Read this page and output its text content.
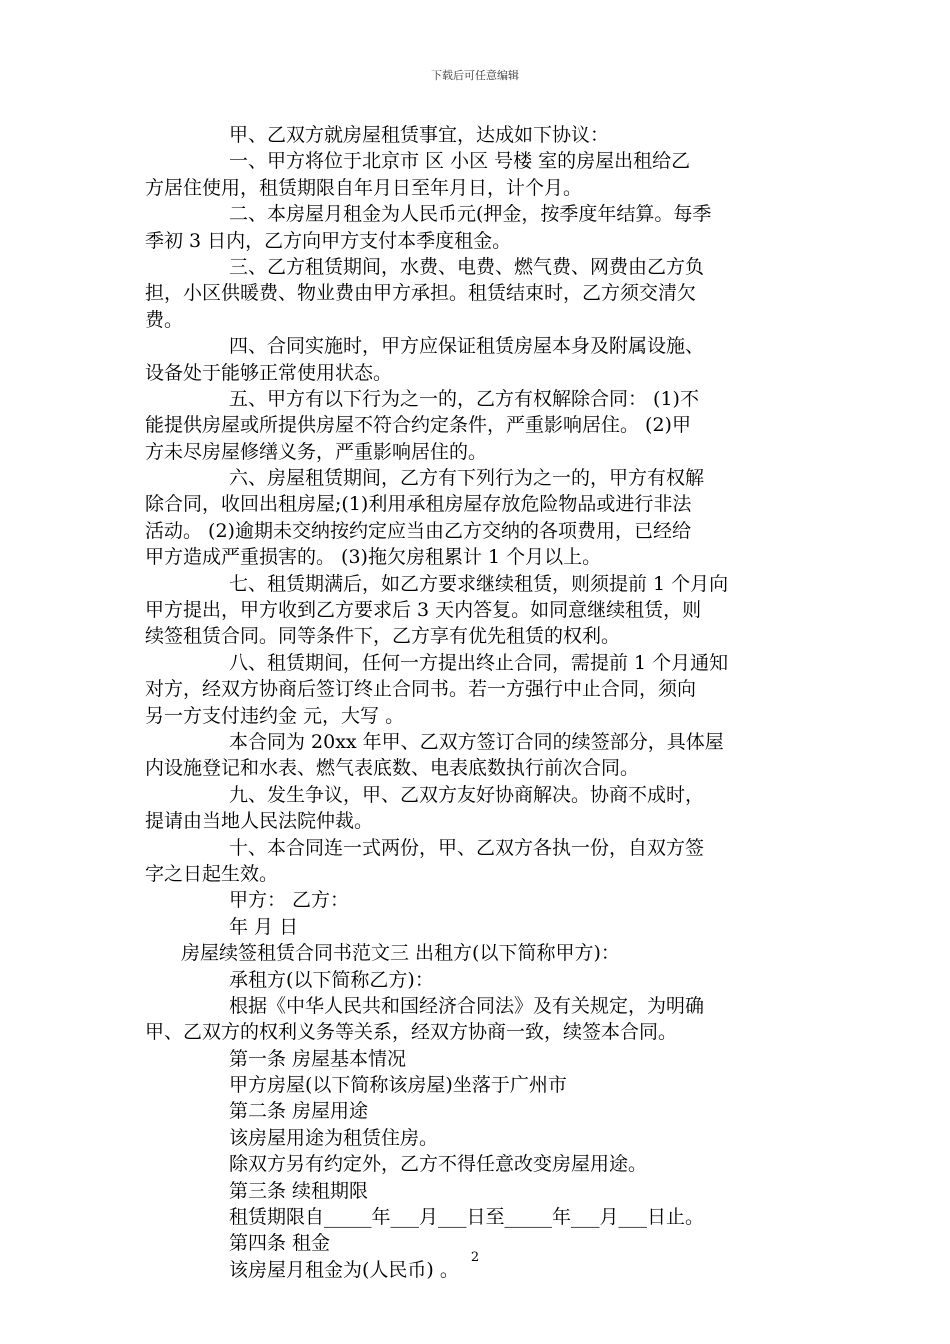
下载后可任意编辑
甲、乙双方就房屋租赁事宜，达成如下协议：
一、甲方将位于北京市 区 小区 号楼 室的房屋出租给乙
方居住使用，租赁期限自年月日至年月日，计个月。
二、本房屋月租金为人民币元(押金，按季度年结算。每季
季初 3 日内，乙方向甲方支付本季度租金。
三、乙方租赁期间，水费、电费、燃气费、网费由乙方负
担，小区供暖费、物业费由甲方承担。租赁结束时，乙方须交清欠
费。
四、合同实施时，甲方应保证租赁房屋本身及附属设施、
设备处于能够正常使用状态。
五、甲方有以下行为之一的，乙方有权解除合同： (1)不
能提供房屋或所提供房屋不符合约定条件，严重影响居住。 (2)甲
方未尽房屋修缮义务，严重影响居住的。
六、房屋租赁期间，乙方有下列行为之一的，甲方有权解
除合同，收回出租房屋;(1)利用承租房屋存放危险物品或进行非法
活动。 (2)逾期未交纳按约定应当由乙方交纳的各项费用，已经给
甲方造成严重损害的。 (3)拖欠房租累计 1 个月以上。
七、租赁期满后，如乙方要求继续租赁，则须提前 1 个月向
甲方提出，甲方收到乙方要求后 3 天内答复。如同意继续租赁，则
续签租赁合同。同等条件下，乙方享有优先租赁的权利。
八、租赁期间，任何一方提出终止合同，需提前 1 个月通知
对方，经双方协商后签订终止合同书。若一方强行中止合同，须向
另一方支付违约金 元，大写 。
本合同为 20xx 年甲、乙双方签订合同的续签部分，具体屋
内设施登记和水表、燃气表底数、电表底数执行前次合同。
九、发生争议，甲、乙双方友好协商解决。协商不成时，
提请由当地人民法院仲裁。
十、本合同连一式两份，甲、乙双方各执一份，自双方签
字之日起生效。
甲方： 乙方：
年 月 日
房屋续签租赁合同书范文三 出租方(以下简称甲方)：
承租方(以下简称乙方)：
根据《中华人民共和国经济合同法》及有关规定，为明确
甲、乙双方的权利义务等关系，经双方协商一致，续签本合同。
第一条 房屋基本情况
甲方房屋(以下简称该房屋)坐落于广州市
第二条 房屋用途
该房屋用途为租赁住房。
除双方另有约定外，乙方不得任意改变房屋用途。
第三条 续租期限
租赁期限自_____年___月___日至_____年___月___日止。
第四条 租金
该房屋月租金为(人民币) 。
2
